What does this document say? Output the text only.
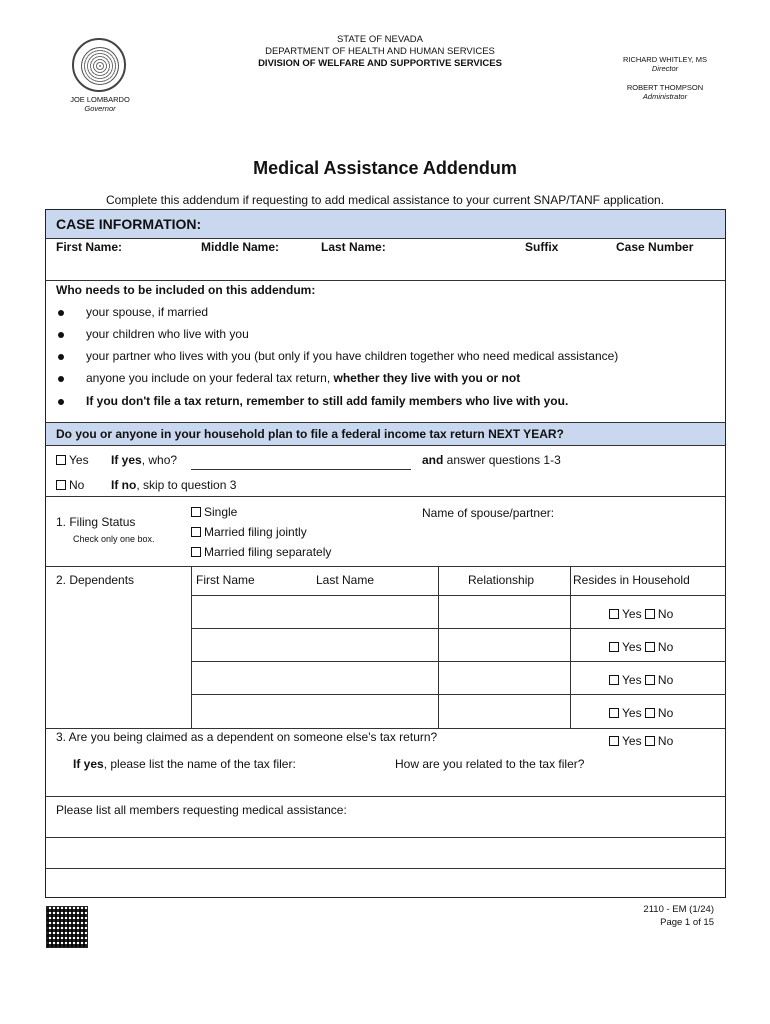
JOE LOMBARDO
Governor
STATE OF NEVADA
DEPARTMENT OF HEALTH AND HUMAN SERVICES
DIVISION OF WELFARE AND SUPPORTIVE SERVICES	RICHARD WHITLEY, MS
Director
ROBERT THOMPSON
Administrator
Medical Assistance Addendum
Complete this addendum if requesting to add medical assistance to your current SNAP/TANF application.
CASE INFORMATION:
First Name:	Middle Name:	Last Name:	Suffix	Case Number
Who needs to be included on this addendum:
your spouse, if married
your children who live with you
your partner who lives with you (but only if you have children together who need medical assistance)
anyone you include on your federal tax return, whether they live with you or not
If you don't file a tax return, remember to still add family members who live with you.
Do you or anyone in your household plan to file a federal income tax return NEXT YEAR?
Yes If yes, who?	and answer questions 1-3
No If no, skip to question 3
1. Filing Status
Check only one box.
Single
Married filing jointly
Married filing separately
Name of spouse/partner:
2. Dependents	First Name	Last Name	Relationship	Resides in Household
Yes No
Yes No
Yes No
Yes No
3. Are you being claimed as a dependent on someone else's tax return?	Yes No
If yes, please list the name of the tax filer:	How are you related to the tax filer?
Please list all members requesting medical assistance:
2110 - EM (1/24)
Page 1 of 15
